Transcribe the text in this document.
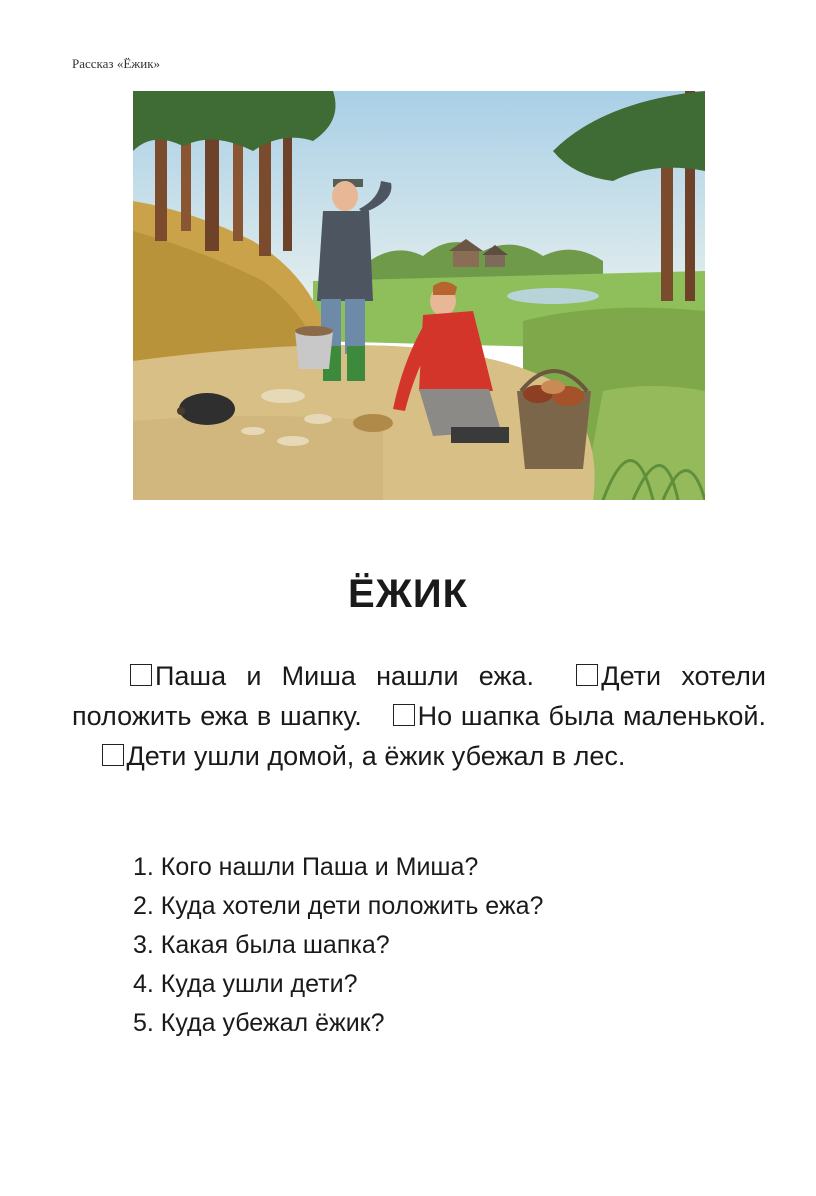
Рассказ «Ёжик»
ЁЖИК

Паша и Миша нашли ежа. Дети хотели положить ежа в шапку. Но шапка была маленькой. Дети ушли домой, а ёжик убежал в лес.

1. Кого нашли Паша и Миша?
2. Куда хотели дети положить ежа?
3. Какая была шапка?
4. Куда ушли дети?
5. Куда убежал ёжик?
